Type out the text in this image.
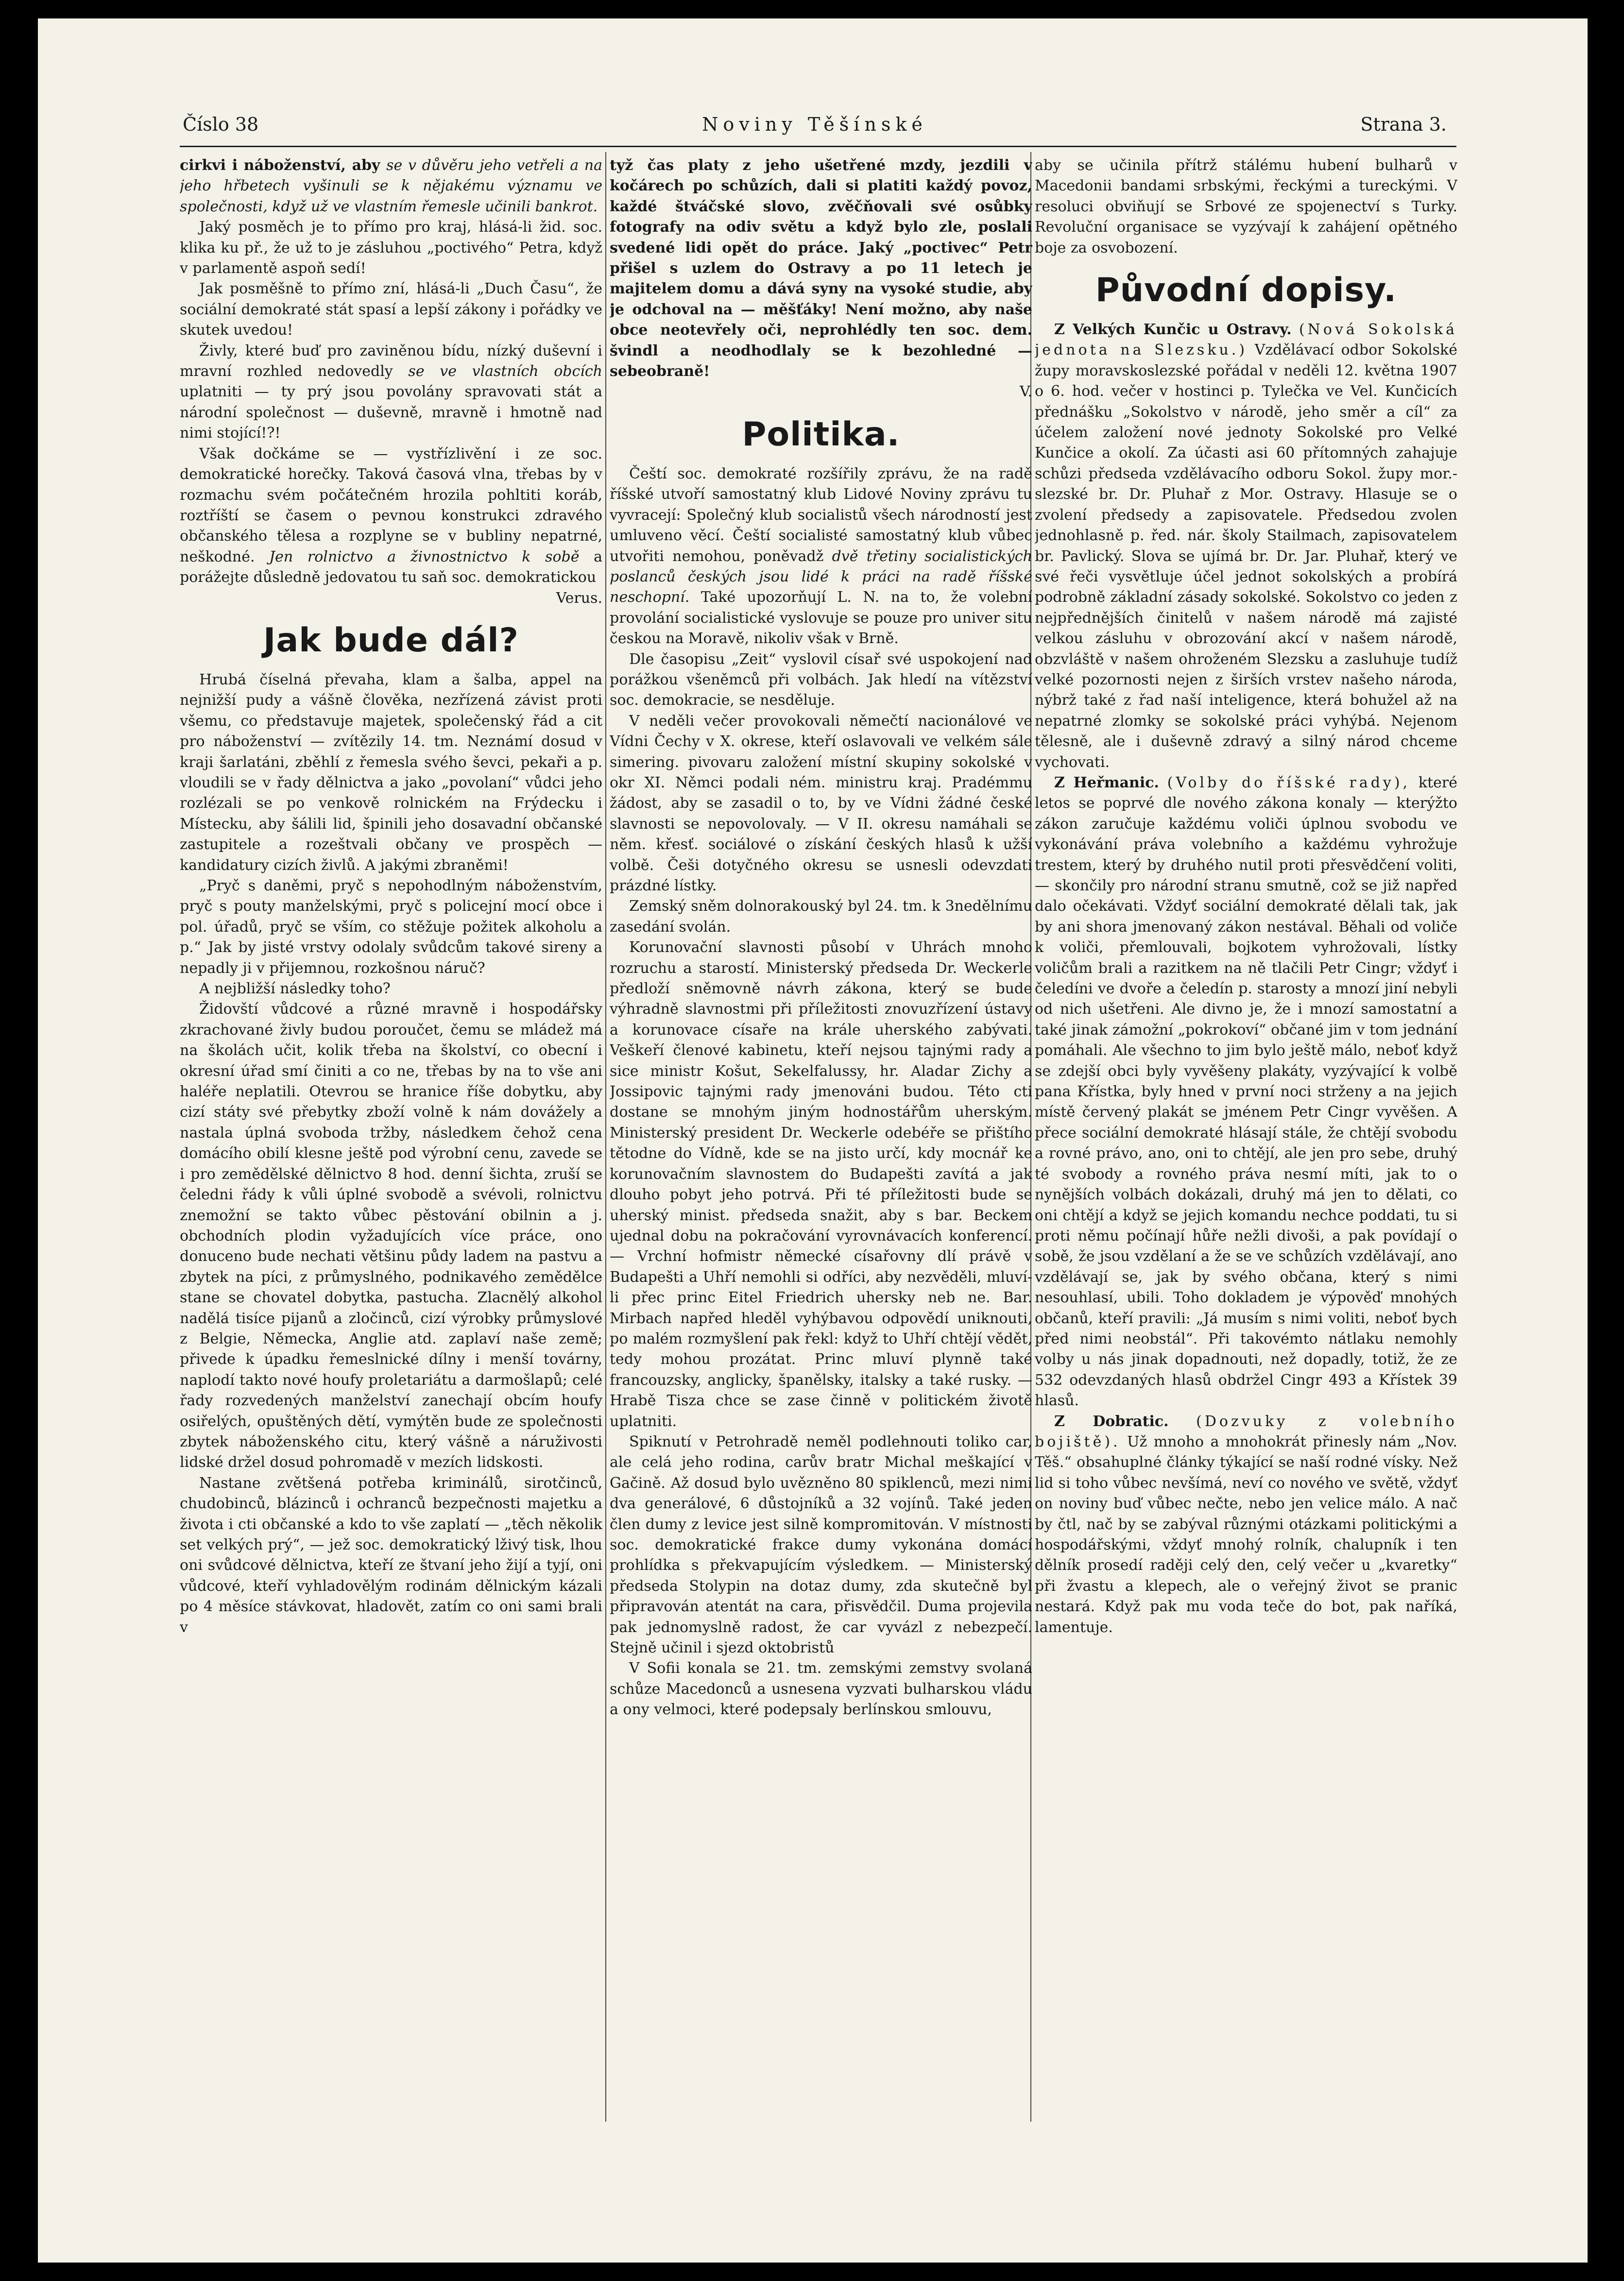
Číslo 38	Noviny Těšínské	Strana 3.

cirkvi i náboženství, aby se v důvěru jeho vetřeli a na jeho hřbetech vyšinuli se k nějakému významu ve společnosti, když už ve vlastním řemesle učinili bankrot.

Jaký posměch je to přímo pro kraj, hlásá-li žid. soc. klika ku př., že už to je zásluhou „poctivého“ Petra, když v parlamentě aspoň sedí!

Jak posměšně to přímo zní, hlásá-li „Duch Času“, že sociální demokraté stát spasí a lepší zákony i pořádky ve skutek uvedou!

Živly, které buď pro zaviněnou bídu, nízký duševní i mravní rozhled nedovedly se ve vlastních obcích uplatniti — ty prý jsou povolány spravovati stát a národní společnost — duševně, mravně i hmotně nad nimi stojící!?!

Však dočkáme se — vystřízlivění i ze soc. demokratické horečky. Taková časová vlna, třebas by v rozmachu svém počátečném hrozila pohltiti koráb, roztříští se časem o pevnou konstrukci zdravého občanského tělesa a rozplyne se v bubliny nepatrné, neškodné. Jen rolnictvo a živnostnictvo k sobě a porážejte důsledně jedovatou tu saň soc. demokratickou

Verus.

Jak bude dál?

Hrubá číselná převaha, klam a šalba, appel na nejnižší pudy a vášně člověka, nezřízená závist proti všemu, co představuje majetek, společenský řád a cit pro náboženství — zvítězily 14. tm. Neznámí dosud v kraji šarlatáni, zběhlí z řemesla svého ševci, pekaři a p. vloudili se v řady dělnictva a jako „povolaní“ vůdci jeho rozlézali se po venkově rolnickém na Frýdecku i Místecku, aby šálili lid, špinili jeho dosavadní občanské zastupitele a rozeštvali občany ve prospěch — kandidatury cizích živlů. A jakými zbraněmi!

„Pryč s daněmi, pryč s nepohodlným náboženstvím, pryč s pouty manželskými, pryč s policejní mocí obce i pol. úřadů, pryč se vším, co stěžuje požitek alkoholu a p.“ Jak by jisté vrstvy odolaly svůdcům takové sireny a nepadly ji v přijemnou, rozkošnou náruč?

A nejbližší následky toho?

Židovští vůdcové a různé mravně i hospodářsky zkrachované živly budou poroučet, čemu se mládež má na školách učit, kolik třeba na školství, co obecní i okresní úřad smí činiti a co ne, třebas by na to vše ani haléře neplatili. Otevrou se hranice říše dobytku, aby cizí státy své přebytky zboží volně k nám dovážely a nastala úplná svoboda tržby, následkem čehož cena domácího obilí klesne ještě pod výrobní cenu, zavede se i pro zemědělské dělnictvo 8 hod. denní šichta, zruší se čeledni řády k vůli úplné svobodě a svévoli, rolnictvu znemožní se takto vůbec pěstování obilnin a j. obchodních plodin vyžadujících více práce, ono donuceno bude nechati většinu půdy ladem na pastvu a zbytek na píci, z průmyslného, podnikavého zemědělce stane se chovatel dobytka, pastucha. Zlacnělý alkohol nadělá tisíce pijanů a zločinců, cizí výrobky průmyslové z Belgie, Německa, Anglie atd. zaplaví naše země; přivede k úpadku řemeslnické dílny i menší továrny, naplodí takto nové houfy proletariátu a darmošlapů; celé řady rozvedených manželství zanechají obcím houfy osiřelých, opuštěných dětí, vymýtěn bude ze společnosti zbytek náboženského citu, který vášně a náruživosti lidské držel dosud pohromadě v mezích lidskosti.

Nastane zvětšená potřeba kriminálů, sirotčinců, chudobinců, blázinců i ochranců bezpečnosti majetku a života i cti občanské a kdo to vše zaplatí — „těch několik set velkých prý“, — jež soc. demokratický lživý tisk, lhou oni svůdcové dělnictva, kteří ze štvaní jeho žijí a tyjí, oni vůdcové, kteří vyhladovělým rodinám dělnickým kázali po 4 měsíce stávkovat, hladovět, zatím co oni sami brali v

tyž čas platy z jeho ušetřené mzdy, jezdili v kočárech po schůzích, dali si platiti každý povoz, každé štváčské slovo, zvěčňovali své osůbky fotografy na odiv světu a když bylo zle, poslali svedené lidi opět do práce. Jaký „poctivec“ Petr přišel s uzlem do Ostravy a po 11 letech je majitelem domu a dává syny na vysoké studie, aby je odchoval na — měšťáky! Není možno, aby naše obce neotevřely oči, neprohlédly ten soc. dem. švindl a neodhodlaly se k bezohledné — sebeobraně!

V.

Politika.

Čeští soc. demokraté rozšířily zprávu, že na radě říšské utvoří samostatný klub Lidové Noviny zprávu tu vyvracejí: Společný klub socialistů všech národností jest umluveno věcí. Čeští socialisté samostatný klub vůbec utvořiti nemohou, poněvadž dvě třetiny socialistických poslanců českých jsou lidé k práci na radě říšské neschopní. Také upozorňují L. N. na to, že volební provolání socialistické vyslovuje se pouze pro univer situ českou na Moravě, nikoliv však v Brně.

Dle časopisu „Zeit“ vyslovil císař své uspokojení nad porážkou všeněmců při volbách. Jak hledí na vítězství soc. demokracie, se nesdělujе.

V neděli večer provokovali němečtí nacionálové ve Vídni Čechy v X. okrese, kteří oslavovali ve velkém sále simering. pivovaru založení místní skupiny sokolské v okr XI. Němci podali ném. ministru kraj. Pradémmu žádost, aby se zasadil o to, by ve Vídni žádné české slavnosti se nepovolovaly. — V II. okresu namáhali se něm. křesť. sociálové o získání českých hlasů k užší volbě. Češi dotyčného okresu se usnesli odevzdati prázdné lístky.

Zemský sněm dolnorakouský byl 24. tm. k 3nedělnímu zasedání svolán.

Korunovační slavnosti působí v Uhrách mnoho rozruchu a starostí. Ministerský předseda Dr. Weckerle předloží sněmovně návrh zákona, který se bude výhradně slavnostmi při příležitosti znovuzřízení ústavy a korunovace císaře na krále uherského zabývati. Veškeří členové kabinetu, kteří nejsou tajnými rady a sice ministr Košut, Sekelfalussy, hr. Aladar Zichy a Jossipovic tajnými rady jmenováni budou. Této cti dostane se mnohým jiným hodnostářům uherským. Ministerský president Dr. Weckerle odebéře se přištího tětodne do Vídně, kde se na jisto určí, kdy mocnář ke korunovačním slavnostem do Budapešti zavítá a jak dlouho pobyt jeho potrvá. Při té příležitosti bude se uherský minist. předseda snažit, aby s bar. Beckem ujednal dobu na pokračování vyrovnávacích konferencí. — Vrchní hofmistr německé císařovny dlí právě v Budapešti a Uhří nemohli si odříci, aby nezvěděli, mluví-li přec princ Eitel Friedrich uhersky neb ne. Bar. Mirbach napřed hleděl vyhýbavou odpovědí uniknouti, po malém rozmyšlení pak řekl: když to Uhří chtějí vědět, tedy mohou prozátat. Princ mluví plynně také francouzsky, anglicky, španělsky, italsky a také rusky. — Hrabě Tisza chce se zase činně v politickém životě uplatniti.

Spiknutí v Petrohradě neměl podlehnouti toliko car, ale celá jeho rodina, carův bratr Michal meškající v Gačině. Až dosud bylo uvězněno 80 spiklenců, mezi nimi dva generálové, 6 důstojníků a 32 vojínů. Také jeden člen dumy z levice jest silně kompromitován. V místnosti soc. demokratické frakce dumy vykonána domácí prohlídka s překvapujícím výsledkem. — Ministerský předseda Stolypin na dotaz dumy, zda skutečně byl připravován atentát na cara, přisvědčil. Duma projevila pak jednomyslně radost, že car vyvázl z nebezpečí. Stejně učinil i sjezd oktobristů

V Sofii konala se 21. tm. zemskými zemstvy svolaná schůze Macedonců a usnesena vyzvati bulharskou vládu a ony velmoci, které podepsaly berlínskou smlouvu,

aby se učinila přítrž stálému hubení bulharů v Macedonii bandami srbskými, řeckými a tureckými. V resoluci obviňují se Srbové ze spojenectví s Turky. Revoluční organisace se vyzývají k zahájení opětného boje za osvobození.

Původní dopisy.

Z Velkých Kunčic u Ostravy. (Nová Sokolská jednota na Slezsku.) Vzdělávací odbor Sokolské župy moravskoslezské pořádal v neděli 12. května 1907 o 6. hod. večer v hostinci p. Tylečka ve Vel. Kunčicích přednášku „Sokolstvo v národě, jeho směr a cíl“ za účelem založení nové jednoty Sokolské pro Velké Kunčice a okolí. Za účasti asi 60 přítomných zahajuje schůzi předseda vzdělávacího odboru Sokol. župy mor.-slezské br. Dr. Pluhař z Mor. Ostravy. Hlasuje se o zvolení předsedy a zapisovatele. Předsedou zvolen jednohlasně p. řed. nár. školy Stailmach, zapisovatelem br. Pavlický. Slova se ujímá br. Dr. Jar. Pluhař, který ve své řeči vysvětluje účel jednot sokolských a probírá podrobně základní zásady sokolské. Sokolstvo co jeden z nejpřednějších činitelů v našem národě má zajisté velkou zásluhu v obrozování akcí v našem národě, obzvláště v našem ohroženém Slezsku a zasluhuje tudíž velké pozornosti nejen z širších vrstev našeho národa, nýbrž také z řad naší inteligence, která bohužel až na nepatrné zlomky se sokolské práci vyhýbá. Nejenom tělesně, ale i duševně zdravý a silný národ chceme vychovati.

Z Heřmanic. (Volby do říšské rady), které letos se poprvé dle nového zákona konaly — kterýžto zákon zaručuje každému voliči úplnou svobodu ve vykonávání práva volebního a každému vyhrožuje trestem, který by druhého nutil proti přesvědčení voliti, — skončily pro národní stranu smutně, což se již napřed dalo očekávati. Vždyť sociální demokraté dělali tak, jak by ani shora jmenovaný zákon nestával. Běhali od voliče k voliči, přemlouvali, bojkotem vyhrožovali, lístky voličům brali a razitkem na ně tlačili Petr Cingr; vždyť i čeledíni ve dvoře a čeledín p. starosty a mnozí jiní nebyli od nich ušetřeni. Ale divno je, že i mnozí samostatní a také jinak zámožní „pokrokoví“ občané jim v tom jednání pomáhali. Ale všechno to jim bylo ještě málo, neboť když se zdejší obci byly vyvěšeny plakáty, vyzývající k volbě pana Křístka, byly hned v první noci strženy a na jejich místě červený plakát se jménem Petr Cingr vyvěšen. A přece sociální demokraté hlásají stále, že chtějí svobodu a rovné právo, ano, oni to chtějí, ale jen pro sebe, druhý té svobody a rovného práva nesmí míti, jak to o nynějších volbách dokázali, druhý má jen to dělati, co oni chtějí a když se jejich komandu nechce poddati, tu si proti němu počínají hůře nežli divoši, a pak povídají o sobě, že jsou vzdělaní a že se ve schůzích vzdělávají, ano vzdělávají se, jak by svého občana, který s nimi nesouhlasí, ubili. Toho dokladem je výpověď mnohých občanů, kteří pravili: „Já musím s nimi voliti, neboť bych před nimi neobstál“. Při takovémto nátlaku nemohly volby u nás jinak dopadnouti, než dopadly, totiž, že ze 532 odevzdaných hlasů obdržel Cingr 493 a Křístek 39 hlasů.

Z Dobratic. (Dozvuky z volebního bojiště). Už mnoho a mnohokrát přinesly nám „Nov. Těš.“ obsahuplné články týkající se naší rodné vísky. Než lid si toho vůbec nevšímá, neví co nového ve světě, vždyť on noviny buď vůbec nečte, nebo jen velice málo. A nač by čtl, nač by se zabýval různými otázkami politickými a hospodářskými, vždyť mnohý rolník, chalupník i ten dělník prosedí raději celý den, celý večer u „kvaretky“ při žvastu a klepech, ale o veřejný život se pranic nestará. Když pak mu voda teče do bot, pak naříká, lamentuje.
